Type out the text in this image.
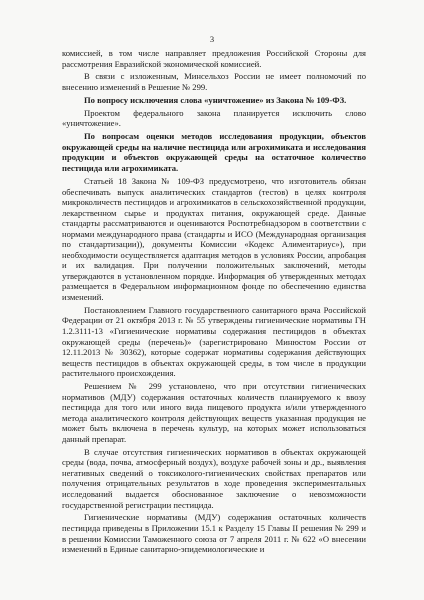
3

комиссией, в том числе направляет предложения Российской Стороны для рассмотрения Евразийской экономической комиссией.

В связи с изложенным, Минсельхоз России не имеет полномочий по внесению изменений в Решение № 299.

По вопросу исключения слова «уничтожение» из Закона № 109-ФЗ.

Проектом федерального закона планируется исключить слово «уничтожение».

По вопросам оценки методов исследования продукции, объектов окружающей среды на наличие пестицида или агрохимиката и исследования продукции и объектов окружающей среды на остаточное количество пестицида или агрохимиката.

Статьей 18 Закона № 109-ФЗ предусмотрено, что изготовитель обязан обеспечивать выпуск аналитических стандартов (тестов) в целях контроля микроколичеств пестицидов и агрохимикатов в сельскохозяйственной продукции, лекарственном сырье и продуктах питания, окружающей среде. Данные стандарты рассматриваются и оцениваются Роспотребнадзором в соответствии с нормами международного права (стандарты и ИСО (Международная организация по стандартизации)), документы Комиссии «Кодекс Алиментариус»), при необходимости осуществляется адаптация методов в условиях России, апробация и их валидация. При получении положительных заключений, методы утверждаются в установленном порядке. Информация об утвержденных методах размещается в Федеральном информационном фонде по обеспечению единства изменений.

Постановлением Главного государственного санитарного врача Российской Федерации от 21 октября 2013 г. № 55 утверждены гигиенические нормативы ГН 1.2.3111-13 «Гигиенические нормативы содержания пестицидов в объектах окружающей среды (перечень)» (зарегистрировано Минюстом России от 12.11.2013 № 30362), которые содержат нормативы содержания действующих веществ пестицидов в объектах окружающей среды, в том числе в продукции растительного происхождения.

Решением № 299 установлено, что при отсутствии гигиенических нормативов (МДУ) содержания остаточных количеств планируемого к ввозу пестицида для того или иного вида пищевого продукта и/или утвержденного метода аналитического контроля действующих веществ указанная продукция не может быть включена в перечень культур, на которых может использоваться данный препарат.

В случае отсутствия гигиенических нормативов в объектах окружающей среды (вода, почва, атмосферный воздух), воздухе рабочей зоны и др., выявления негативных сведений о токсиколого-гигиенических свойствах препаратов или получения отрицательных результатов в ходе проведения экспериментальных исследований выдается обоснованное заключение о невозможности государственной регистрации пестицида.

Гигиенические нормативы (МДУ) содержания остаточных количеств пестицида приведены в Приложении 15.1 к Разделу 15 Главы II решения № 299 и в решении Комиссии Таможенного союза от 7 апреля 2011 г. № 622 «О внесении изменений в Единые санитарно-эпидемиологические и
